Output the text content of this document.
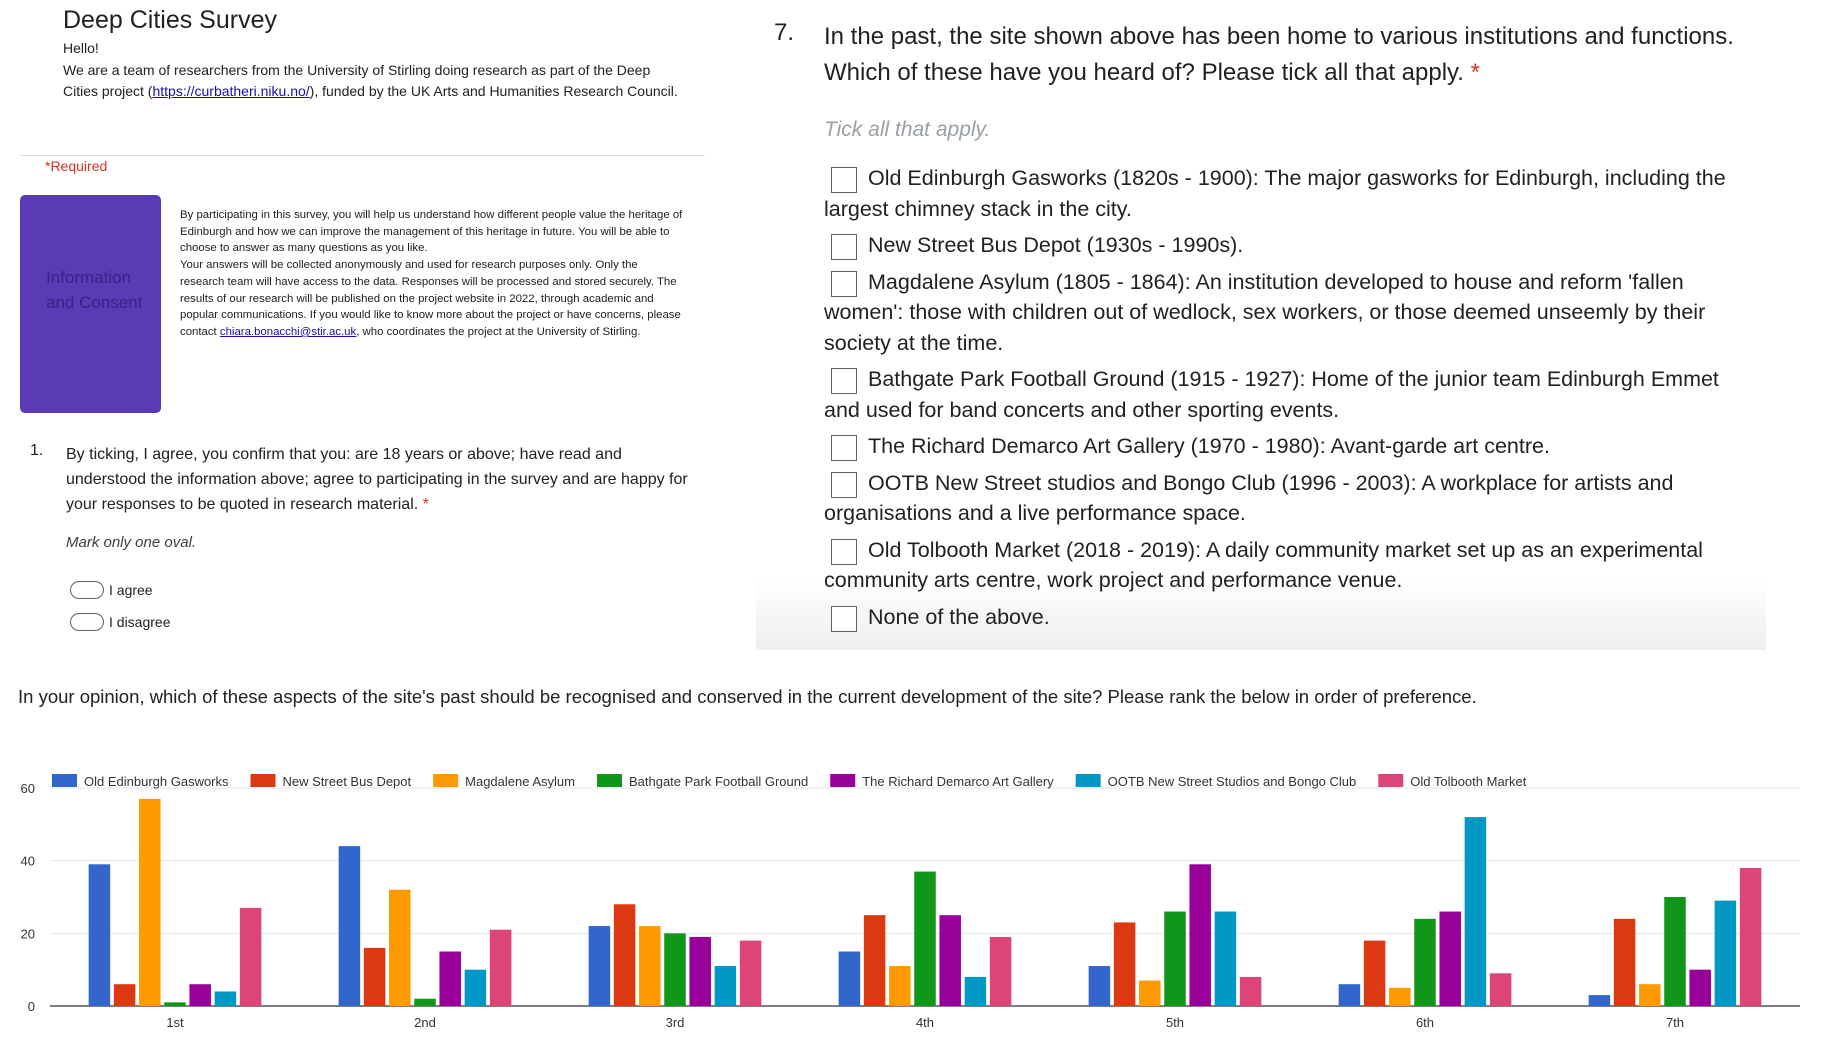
Deep Cities Survey
Hello!
We are a team of researchers from the University of Stirling doing research as part of the Deep Cities project (https://curbatheri.niku.no/), funded by the UK Arts and Humanities Research Council.
*Required
Information and Consent
By participating in this survey, you will help us understand how different people value the heritage of Edinburgh and how we can improve the management of this heritage in future. You will be able to choose to answer as many questions as you like.
Your answers will be collected anonymously and used for research purposes only. Only the research team will have access to the data. Responses will be processed and stored securely. The results of our research will be published on the project website in 2022, through academic and popular communications. If you would like to know more about the project or have concerns, please contact chiara.bonacchi@stir.ac.uk, who coordinates the project at the University of Stirling.
1. By ticking, I agree, you confirm that you: are 18 years or above; have read and understood the information above; agree to participating in the survey and are happy for your responses to be quoted in research material. *
Mark only one oval.
I agree
I disagree
7. In the past, the site shown above has been home to various institutions and functions. Which of these have you heard of? Please tick all that apply. *
Tick all that apply.
Old Edinburgh Gasworks (1820s - 1900): The major gasworks for Edinburgh, including the largest chimney stack in the city.
New Street Bus Depot (1930s - 1990s).
Magdalene Asylum (1805 - 1864): An institution developed to house and reform 'fallen women': those with children out of wedlock, sex workers, or those deemed unseemly by their society at the time.
Bathgate Park Football Ground (1915 - 1927): Home of the junior team Edinburgh Emmet and used for band concerts and other sporting events.
The Richard Demarco Art Gallery (1970 - 1980): Avant-garde art centre.
OOTB New Street studios and Bongo Club (1996 - 2003): A workplace for artists and organisations and a live performance space.
Old Tolbooth Market (2018 - 2019): A daily community market set up as an experimental community arts centre, work project and performance venue.
None of the above.
In your opinion, which of these aspects of the site's past should be recognised and conserved in the current development of the site? Please rank the below in order of preference.
0
20
40
60
1st	2nd	3rd	4th	5th	6th	7th
Old Edinburgh Gasworks	New Street Bus Depot	Magdalene Asylum	Bathgate Park Football Ground	The Richard Demarco Art Gallery	OOTB New Street Studios and Bongo Club	Old Tolbooth Market
